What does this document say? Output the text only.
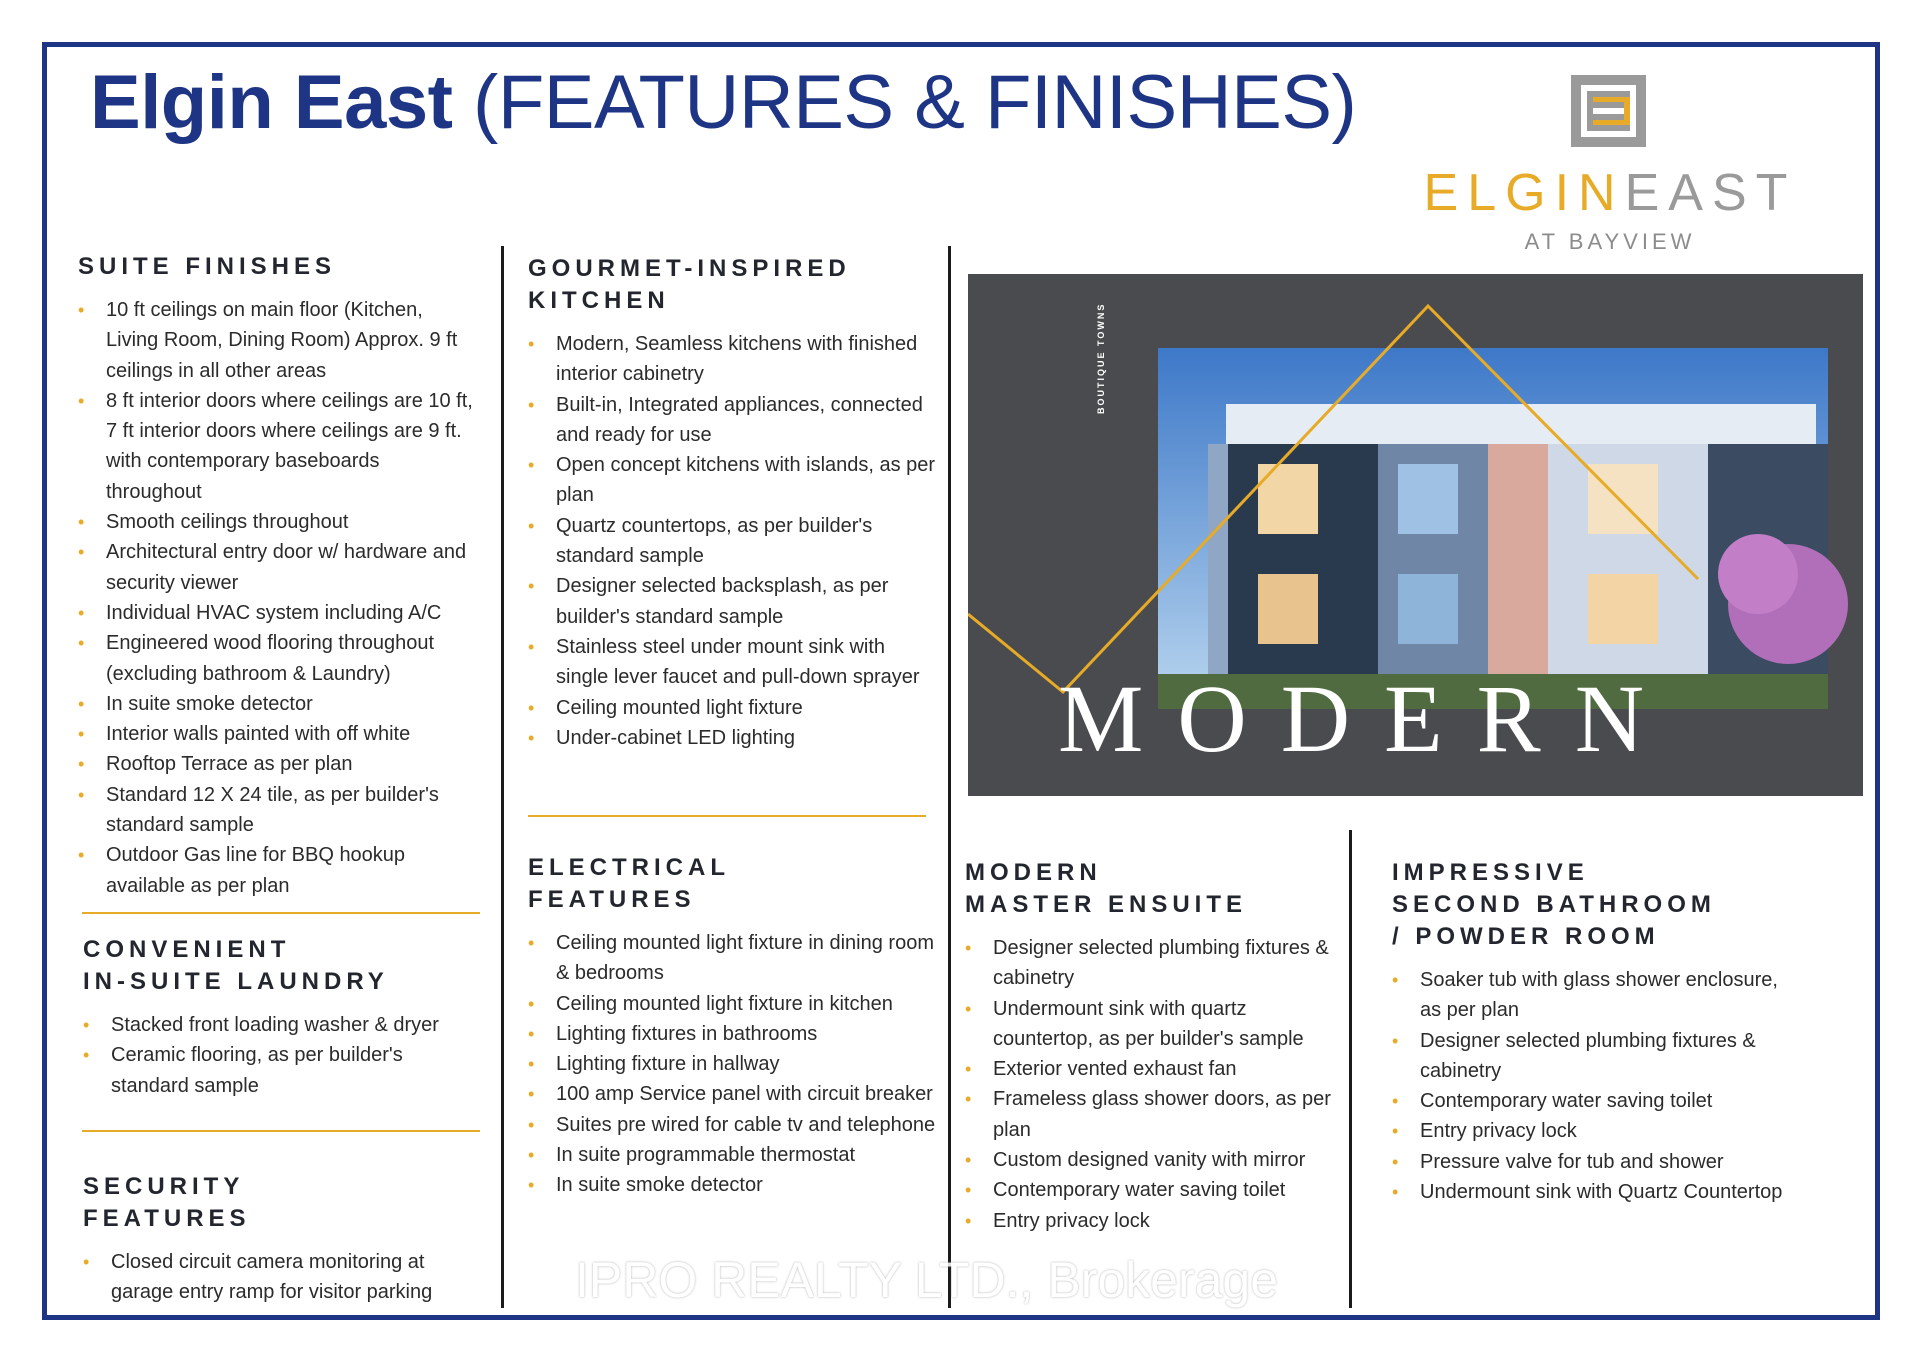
Elgin East (FEATURES & FINISHES)
ELGINEAST
AT BAYVIEW
SUITE FINISHES
• 10 ft ceilings on main floor (Kitchen, Living Room, Dining Room) Approx. 9 ft ceilings in all other areas
• 8 ft interior doors where ceilings are 10 ft, 7 ft interior doors where ceilings are 9 ft. with contemporary baseboards throughout
• Smooth ceilings throughout
• Architectural entry door w/ hardware and security viewer
• Individual HVAC system including A/C
• Engineered wood flooring throughout (excluding bathroom & Laundry)
• In suite smoke detector
• Interior walls painted with off white
• Rooftop Terrace as per plan
• Standard 12 X 24 tile, as per builder's standard sample
• Outdoor Gas line for BBQ hookup available as per plan
CONVENIENT
IN-SUITE LAUNDRY
• Stacked front loading washer & dryer
• Ceramic flooring, as per builder's standard sample
SECURITY
FEATURES
• Closed circuit camera monitoring at garage entry ramp for visitor parking
GOURMET-INSPIRED
KITCHEN
• Modern, Seamless kitchens with finished interior cabinetry
• Built-in, Integrated appliances, connected and ready for use
• Open concept kitchens with islands, as per plan
• Quartz countertops, as per builder's standard sample
• Designer selected backsplash, as per builder's standard sample
• Stainless steel under mount sink with single lever faucet and pull-down sprayer
• Ceiling mounted light fixture
• Under-cabinet LED lighting
ELECTRICAL
FEATURES
• Ceiling mounted light fixture in dining room & bedrooms
• Ceiling mounted light fixture in kitchen
• Lighting fixtures in bathrooms
• Lighting fixture in hallway
• 100 amp Service panel with circuit breaker
• Suites pre wired for cable tv and telephone
• In suite programmable thermostat
• In suite smoke detector
BOUTIQUE TOWNS
MODERN
MODERN
MASTER ENSUITE
• Designer selected plumbing fixtures & cabinetry
• Undermount sink with quartz countertop, as per builder's sample
• Exterior vented exhaust fan
• Frameless glass shower doors, as per plan
• Custom designed vanity with mirror
• Contemporary water saving toilet
• Entry privacy lock
IMPRESSIVE
SECOND BATHROOM
/ POWDER ROOM
• Soaker tub with glass shower enclosure, as per plan
• Designer selected plumbing fixtures & cabinetry
• Contemporary water saving toilet
• Entry privacy lock
• Pressure valve for tub and shower
• Undermount sink with Quartz Countertop
IPRO REALTY LTD., Brokerage
